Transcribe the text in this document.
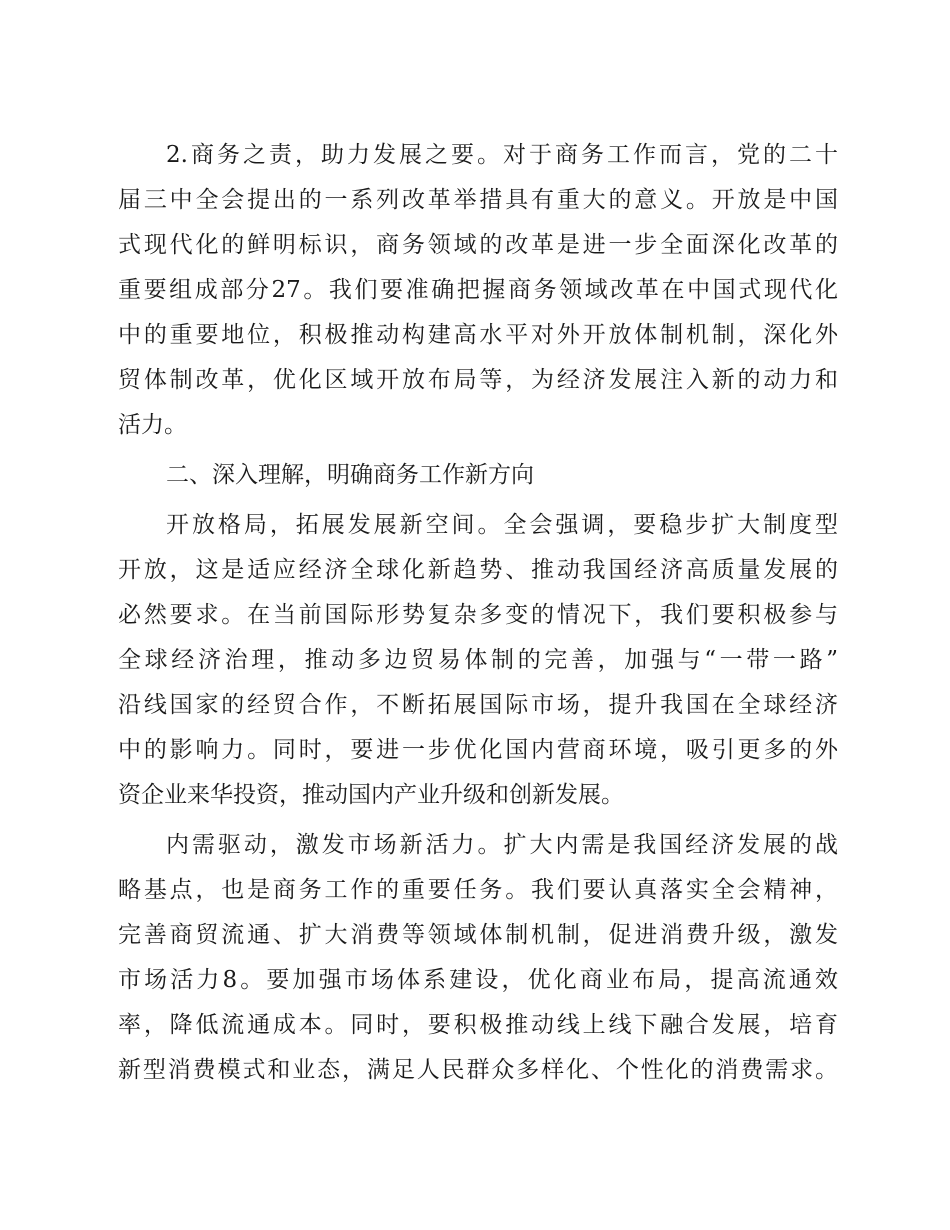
2.商务之责，助力发展之要。对于商务工作而言，党的二十
届三中全会提出的一系列改革举措具有重大的意义。开放是中国
式现代化的鲜明标识，商务领域的改革是进一步全面深化改革的
重要组成部分27。我们要准确把握商务领域改革在中国式现代化
中的重要地位，积极推动构建高水平对外开放体制机制，深化外
贸体制改革，优化区域开放布局等，为经济发展注入新的动力和
活力。
二、深入理解，明确商务工作新方向
开放格局，拓展发展新空间。全会强调，要稳步扩大制度型
开放，这是适应经济全球化新趋势、推动我国经济高质量发展的
必然要求。在当前国际形势复杂多变的情况下，我们要积极参与
全球经济治理，推动多边贸易体制的完善，加强与“一带一路”
沿线国家的经贸合作，不断拓展国际市场，提升我国在全球经济
中的影响力。同时，要进一步优化国内营商环境，吸引更多的外
资企业来华投资，推动国内产业升级和创新发展。
内需驱动，激发市场新活力。扩大内需是我国经济发展的战
略基点，也是商务工作的重要任务。我们要认真落实全会精神，
完善商贸流通、扩大消费等领域体制机制，促进消费升级，激发
市场活力8。要加强市场体系建设，优化商业布局，提高流通效
率，降低流通成本。同时，要积极推动线上线下融合发展，培育
新型消费模式和业态，满足人民群众多样化、个性化的消费需求。
